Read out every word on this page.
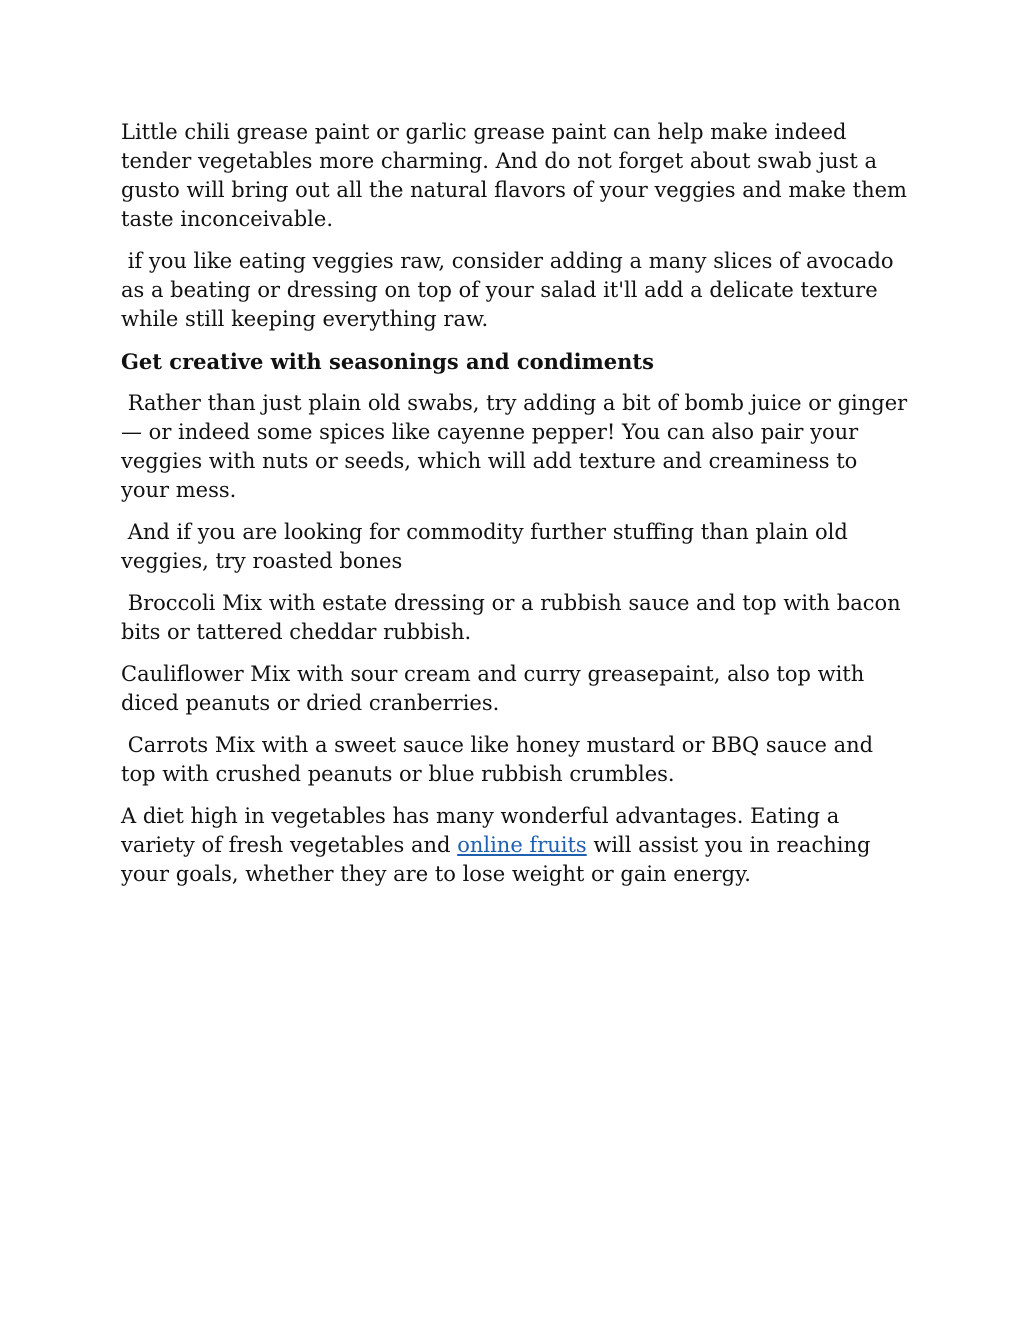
Little chili grease paint or garlic grease paint can help make indeed tender vegetables more charming. And do not forget about swab just a gusto will bring out all the natural flavors of your veggies and make them taste inconceivable.

if you like eating veggies raw, consider adding a many slices of avocado as a beating or dressing on top of your salad it'll add a delicate texture while still keeping everything raw.

Get creative with seasonings and condiments

Rather than just plain old swabs, try adding a bit of bomb juice or ginger — or indeed some spices like cayenne pepper! You can also pair your veggies with nuts or seeds, which will add texture and creaminess to your mess.

And if you are looking for commodity further stuffing than plain old veggies, try roasted bones

Broccoli Mix with estate dressing or a rubbish sauce and top with bacon bits or tattered cheddar rubbish.

Cauliflower Mix with sour cream and curry greasepaint, also top with diced peanuts or dried cranberries.

Carrots Mix with a sweet sauce like honey mustard or BBQ sauce and top with crushed peanuts or blue rubbish crumbles.

A diet high in vegetables has many wonderful advantages. Eating a variety of fresh vegetables and online fruits will assist you in reaching your goals, whether they are to lose weight or gain energy.
